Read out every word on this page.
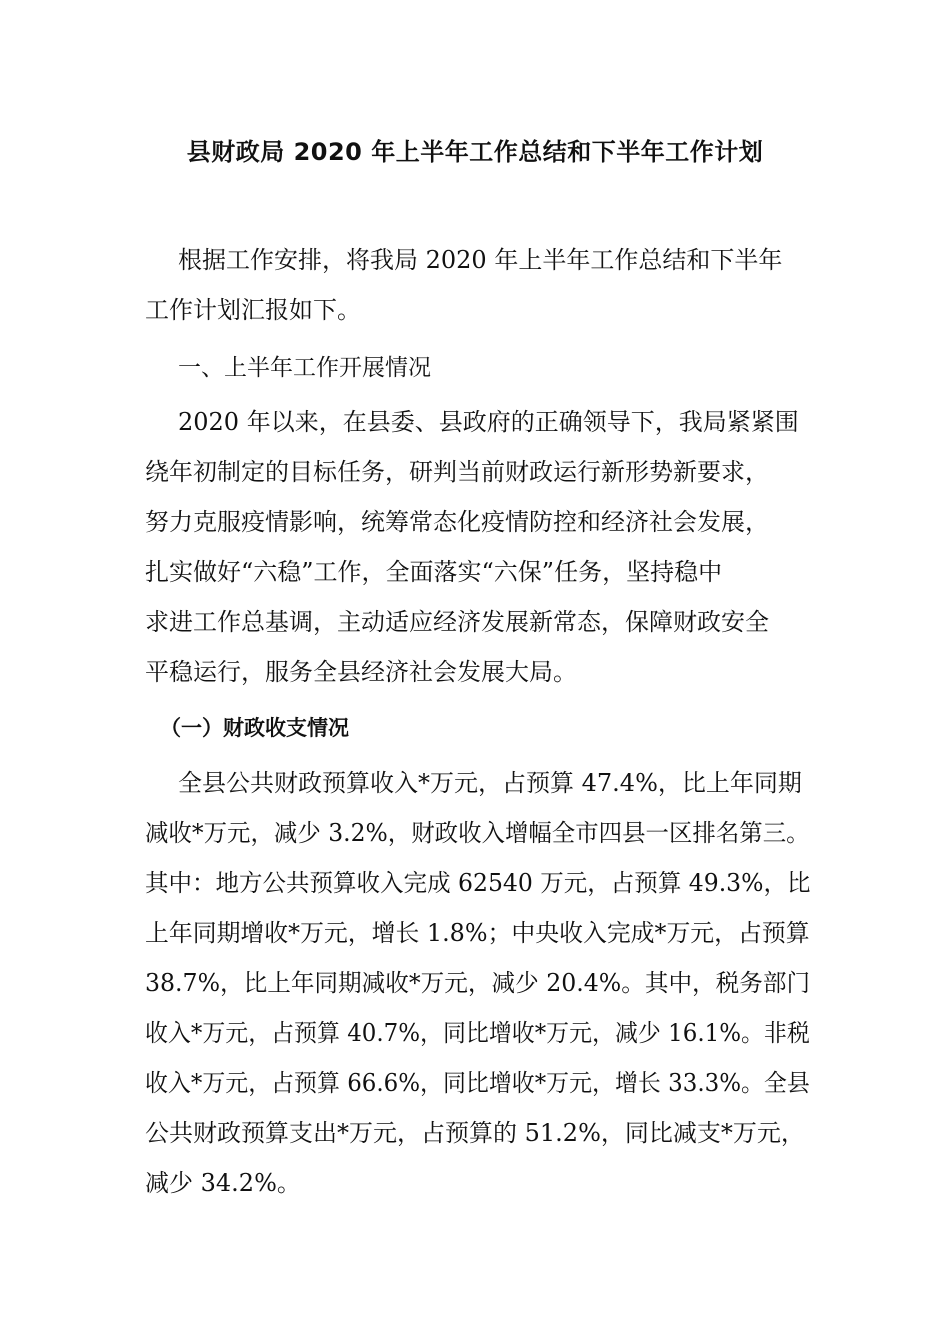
县财政局 2020 年上半年工作总结和下半年工作计划

根据工作安排，将我局 2020 年上半年工作总结和下半年

工作计划汇报如下。

一、上半年工作开展情况

2020 年以来，在县委、县政府的正确领导下，我局紧紧围

绕年初制定的目标任务，研判当前财政运行新形势新要求，

努力克服疫情影响，统筹常态化疫情防控和经济社会发展，

扎实做好“六稳”工作，全面落实“六保”任务，坚持稳中

求进工作总基调，主动适应经济发展新常态，保障财政安全

平稳运行，服务全县经济社会发展大局。

（一）财政收支情况

全县公共财政预算收入*万元，占预算 47.4%，比上年同期

减收*万元，减少 3.2%，财政收入增幅全市四县一区排名第三。

其中：地方公共预算收入完成 62540 万元，占预算 49.3%，比

上年同期增收*万元，增长 1.8%；中央收入完成*万元，占预算

38.7%，比上年同期减收*万元，减少 20.4%。其中，税务部门

收入*万元，占预算 40.7%，同比增收*万元，减少 16.1%。非税

收入*万元，占预算 66.6%，同比增收*万元，增长 33.3%。全县

公共财政预算支出*万元，占预算的 51.2%，同比减支*万元，

减少 34.2%。
